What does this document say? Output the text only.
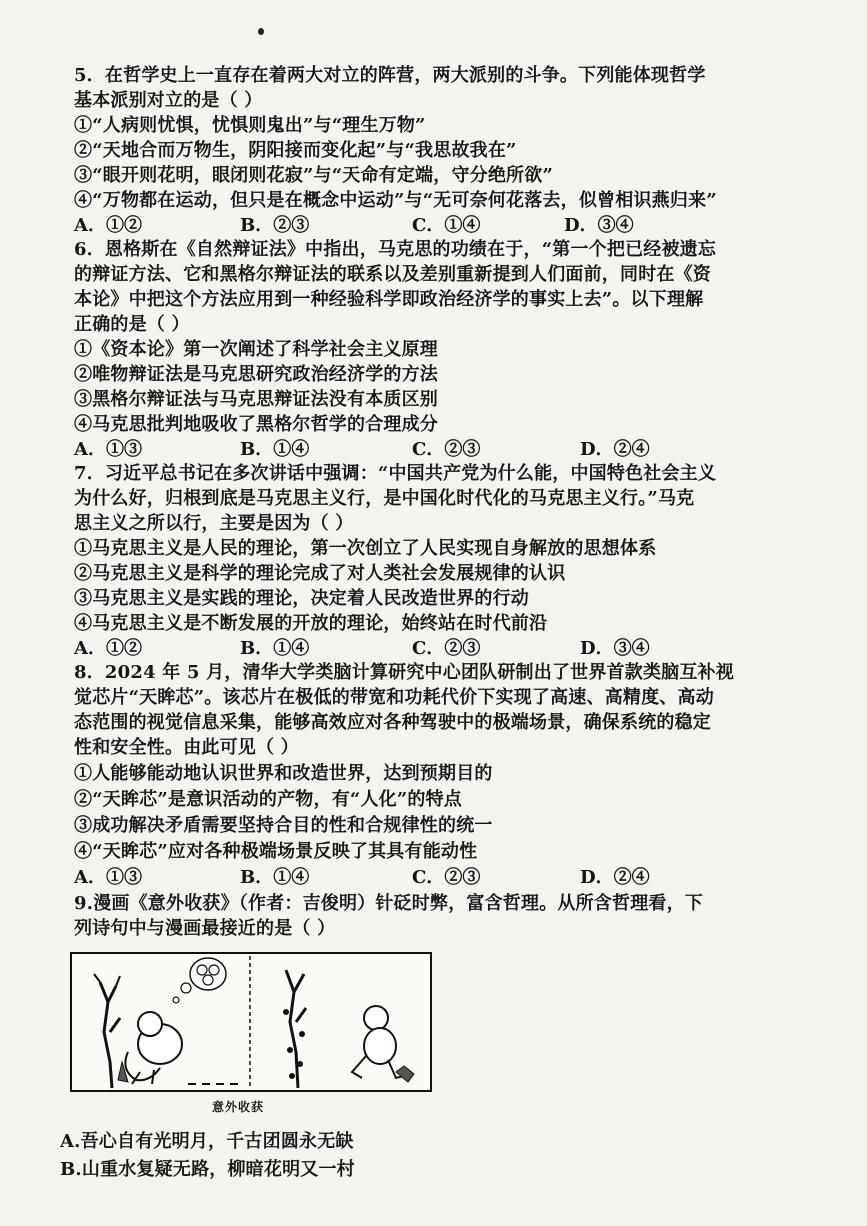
5．在哲学史上一直存在着两大对立的阵营，两大派别的斗争。下列能体现哲学
基本派别对立的是（ ）
①“人病则忧惧，忧惧则鬼出”与“理生万物”
②“天地合而万物生，阴阳接而变化起”与“我思故我在”
③“眼开则花明，眼闭则花寂”与“天命有定端，守分绝所欲”
④“万物都在运动，但只是在概念中运动”与“无可奈何花落去，似曾相识燕归来”
A．①②	B．②③	C．①④	D．③④
6．恩格斯在《自然辩证法》中指出，马克思的功绩在于，“第一个把已经被遗忘
的辩证方法、它和黑格尔辩证法的联系以及差别重新提到人们面前，同时在《资
本论》中把这个方法应用到一种经验科学即政治经济学的事实上去”。以下理解
正确的是（ ）
①《资本论》第一次阐述了科学社会主义原理
②唯物辩证法是马克思研究政治经济学的方法
③黑格尔辩证法与马克思辩证法没有本质区别
④马克思批判地吸收了黑格尔哲学的合理成分
A．①③	B．①④	C．②③	D．②④
7．习近平总书记在多次讲话中强调：“中国共产党为什么能，中国特色社会主义
为什么好，归根到底是马克思主义行，是中国化时代化的马克思主义行。”马克
思主义之所以行，主要是因为（ ）
①马克思主义是人民的理论，第一次创立了人民实现自身解放的思想体系
②马克思主义是科学的理论完成了对人类社会发展规律的认识
③马克思主义是实践的理论，决定着人民改造世界的行动
④马克思主义是不断发展的开放的理论，始终站在时代前沿
A．①②	B．①④	C．②③	D．③④
8．2024 年 5 月，清华大学类脑计算研究中心团队研制出了世界首款类脑互补视
觉芯片“天眸芯”。该芯片在极低的带宽和功耗代价下实现了高速、高精度、高动
态范围的视觉信息采集，能够高效应对各种驾驶中的极端场景，确保系统的稳定
性和安全性。由此可见（ ）
①人能够能动地认识世界和改造世界，达到预期目的
②“天眸芯”是意识活动的产物，有“人化”的特点
③成功解决矛盾需要坚持合目的性和合规律性的统一
④“天眸芯”应对各种极端场景反映了其具有能动性
A．①③	B．①④	C．②③	D．②④
9.漫画《意外收获》（作者：吉俊明）针砭时弊，富含哲理。从所含哲理看，下
列诗句中与漫画最接近的是（ ）
意外收获
A.吾心自有光明月，千古团圆永无缺
B.山重水复疑无路，柳暗花明又一村
